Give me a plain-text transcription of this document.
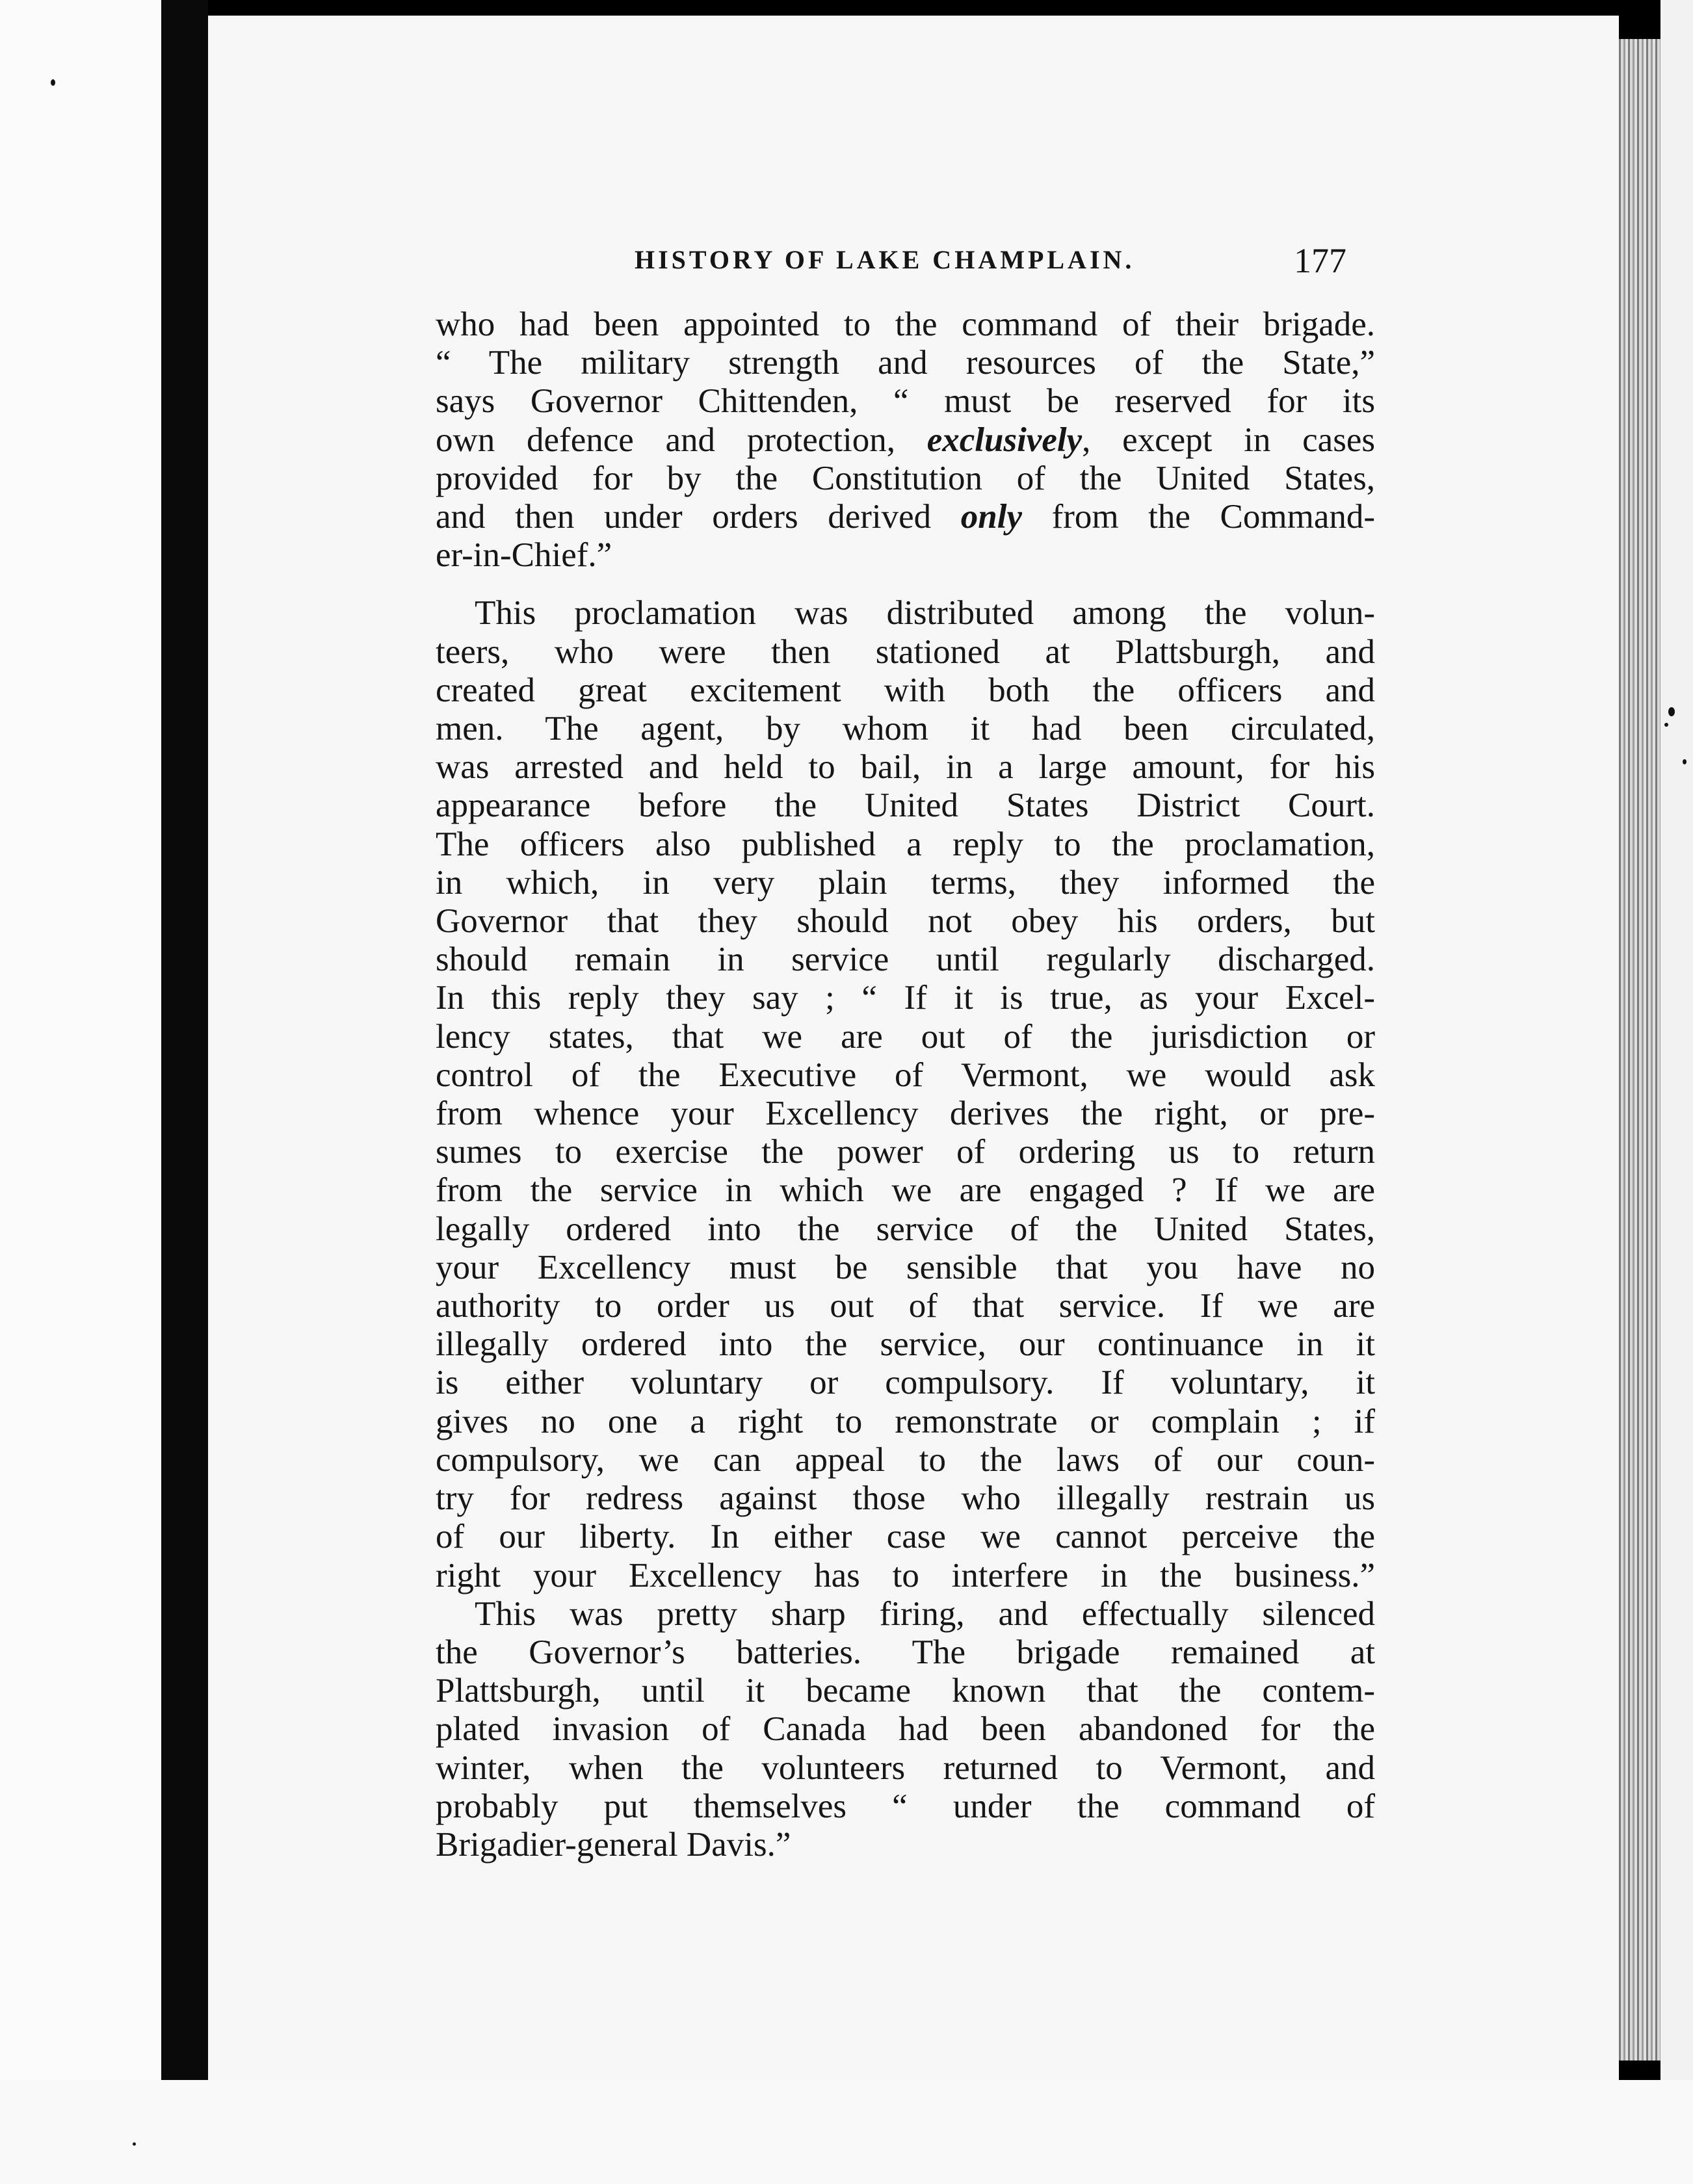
HISTORY OF LAKE CHAMPLAIN.	177

who had been appointed to the command of their brigade.

“ The military strength and resources of the State,”

says Governor Chittenden, “ must be reserved for its

own defence and protection, exclusively, except in cases

provided for by the Constitution of the United States,

and then under orders derived only from the Command-

er-in-Chief.”

This proclamation was distributed among the volun-

teers, who were then stationed at Plattsburgh, and

created great excitement with both the officers and

men. The agent, by whom it had been circulated,

was arrested and held to bail, in a large amount, for his

appearance before the United States District Court.

The officers also published a reply to the proclamation,

in which, in very plain terms, they informed the

Governor that they should not obey his orders, but

should remain in service until regularly discharged.

In this reply they say ; “ If it is true, as your Excel-

lency states, that we are out of the jurisdiction or

control of the Executive of Vermont, we would ask

from whence your Excellency derives the right, or pre-

sumes to exercise the power of ordering us to return

from the service in which we are engaged ? If we are

legally ordered into the service of the United States,

your Excellency must be sensible that you have no

authority to order us out of that service. If we are

illegally ordered into the service, our continuance in it

is either voluntary or compulsory. If voluntary, it

gives no one a right to remonstrate or complain ; if

compulsory, we can appeal to the laws of our coun-

try for redress against those who illegally restrain us

of our liberty. In either case we cannot perceive the

right your Excellency has to interfere in the business.”

This was pretty sharp firing, and effectually silenced

the Governor’s batteries. The brigade remained at

Plattsburgh, until it became known that the contem-

plated invasion of Canada had been abandoned for the

winter, when the volunteers returned to Vermont, and

probably put themselves “ under the command of

Brigadier-general Davis.”
